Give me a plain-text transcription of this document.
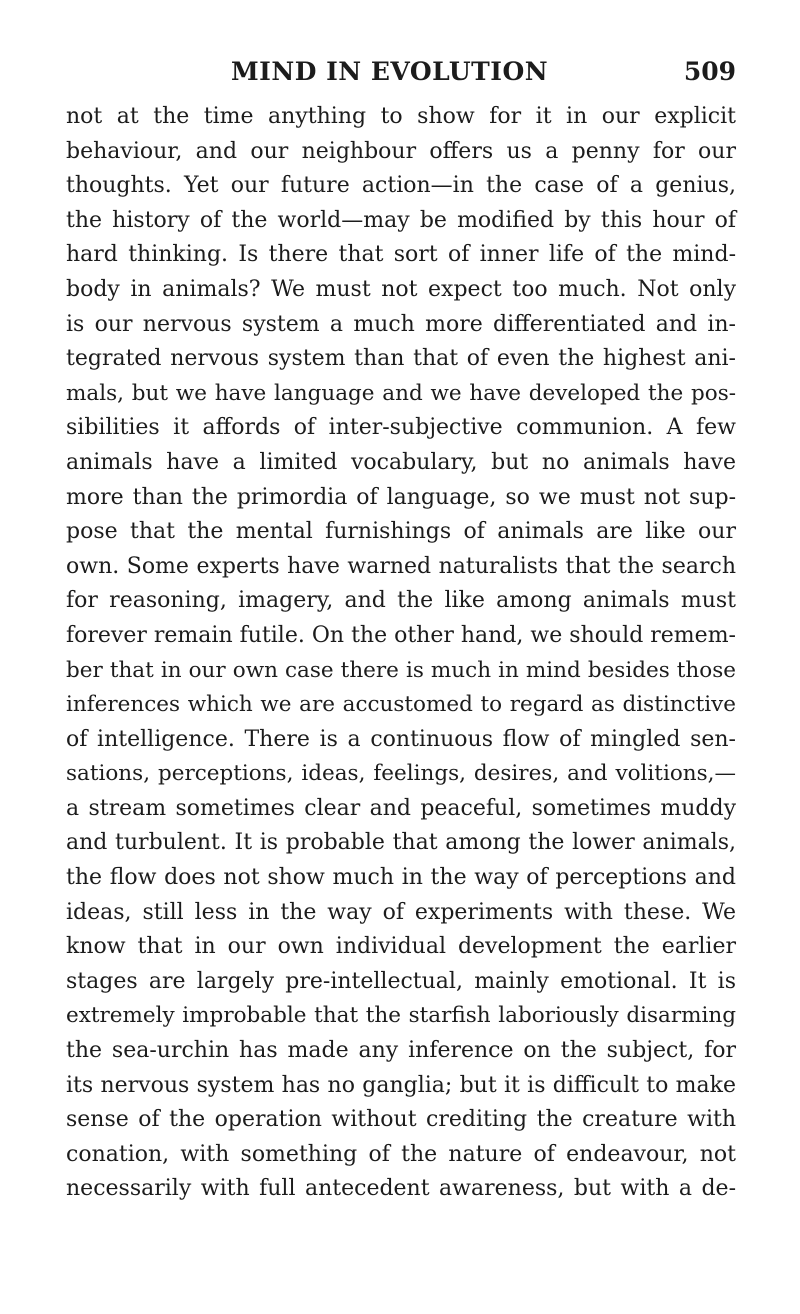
MIND IN EVOLUTION	509
not at the time anything to show for it in our explicit
behaviour, and our neighbour offers us a penny for our
thoughts. Yet our future action—in the case of a genius,
the history of the world—may be modified by this hour of
hard thinking. Is there that sort of inner life of the mind-
body in animals? We must not expect too much. Not only
is our nervous system a much more differentiated and in-
tegrated nervous system than that of even the highest ani-
mals, but we have language and we have developed the pos-
sibilities it affords of inter-subjective communion. A few
animals have a limited vocabulary, but no animals have
more than the primordia of language, so we must not sup-
pose that the mental furnishings of animals are like our
own. Some experts have warned naturalists that the search
for reasoning, imagery, and the like among animals must
forever remain futile. On the other hand, we should remem-
ber that in our own case there is much in mind besides those
inferences which we are accustomed to regard as distinctive
of intelligence. There is a continuous flow of mingled sen-
sations, perceptions, ideas, feelings, desires, and volitions,—
a stream sometimes clear and peaceful, sometimes muddy
and turbulent. It is probable that among the lower animals,
the flow does not show much in the way of perceptions and
ideas, still less in the way of experiments with these. We
know that in our own individual development the earlier
stages are largely pre-intellectual, mainly emotional. It is
extremely improbable that the starfish laboriously disarming
the sea-urchin has made any inference on the subject, for
its nervous system has no ganglia; but it is difficult to make
sense of the operation without crediting the creature with
conation, with something of the nature of endeavour, not
necessarily with full antecedent awareness, but with a de-
